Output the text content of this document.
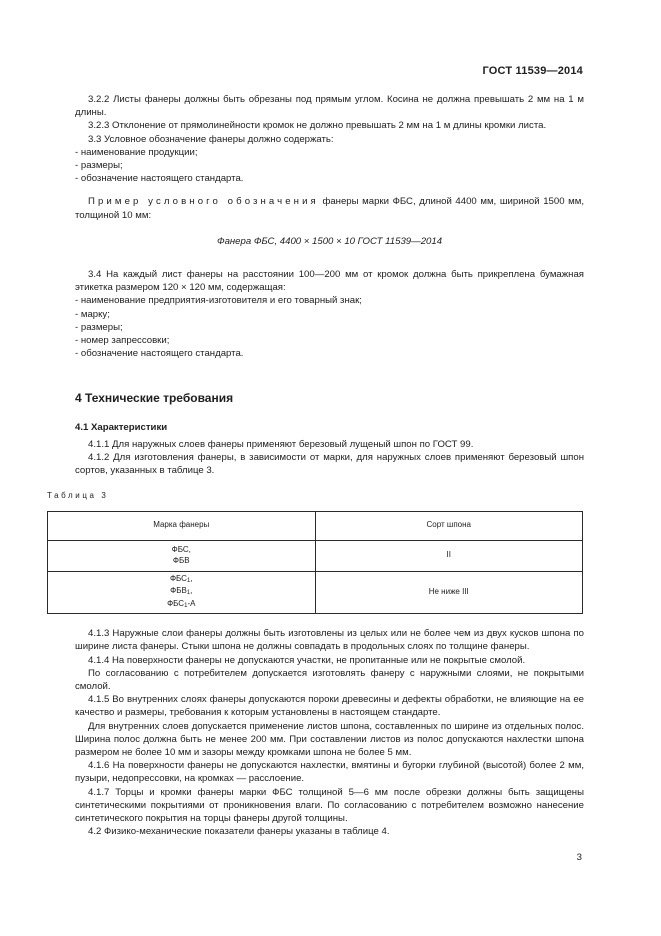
ГОСТ 11539—2014

3.2.2 Листы фанеры должны быть обрезаны под прямым углом. Косина не должна превышать 2 мм на 1 м длины.

3.2.3 Отклонение от прямолинейности кромок не должно превышать 2 мм на 1 м длины кромки листа.

3.3 Условное обозначение фанеры должно содержать:

- наименование продукции;

- размеры;

- обозначение настоящего стандарта.

Пример условного обозначения фанеры марки ФБС, длиной 4400 мм, шириной 1500 мм, толщиной 10 мм:

Фанера ФБС, 4400 × 1500 × 10 ГОСТ 11539—2014

3.4 На каждый лист фанеры на расстоянии 100—200 мм от кромок должна быть прикреплена бумажная этикетка размером 120 × 120 мм, содержащая:

- наименование предприятия-изготовителя и его товарный знак;

- марку;

- размеры;

- номер запрессовки;

- обозначение настоящего стандарта.

4 Технические требования
4.1 Характеристики

4.1.1 Для наружных слоев фанеры применяют березовый лущеный шпон по ГОСТ 99.

4.1.2 Для изготовления фанеры, в зависимости от марки, для наружных слоев применяют березовый шпон сортов, указанных в таблице 3.

Таблица 3
Марка фанеры	Сорт шпона

ФБС,
ФБВ	II

$ФБС_1$,
$ФБВ_1$,
$ФБС_1-А$	Не ниже III

4.1.3 Наружные слои фанеры должны быть изготовлены из целых или не более чем из двух кусков шпона по ширине листа фанеры. Стыки шпона не должны совпадать в продольных слоях по толщине фанеры.

4.1.4 На поверхности фанеры не допускаются участки, не пропитанные или не покрытые смолой.

По согласованию с потребителем допускается изготовлять фанеру с наружными слоями, не покрытыми смолой.

4.1.5 Во внутренних слоях фанеры допускаются пороки древесины и дефекты обработки, не влияющие на ее качество и размеры, требования к которым установлены в настоящем стандарте.

Для внутренних слоев допускается применение листов шпона, составленных по ширине из отдельных полос. Ширина полос должна быть не менее 200 мм. При составлении листов из полос допускаются нахлестки шпона размером не более 10 мм и зазоры между кромками шпона не более 5 мм.

4.1.6 На поверхности фанеры не допускаются нахлестки, вмятины и бугорки глубиной (высотой) более 2 мм, пузыри, недопрессовки, на кромках — расслоение.

4.1.7 Торцы и кромки фанеры марки ФБС толщиной 5—6 мм после обрезки должны быть защищены синтетическими покрытиями от проникновения влаги. По согласованию с потребителем возможно нанесение синтетического покрытия на торцы фанеры другой толщины.

4.2 Физико-механические показатели фанеры указаны в таблице 4.

3
